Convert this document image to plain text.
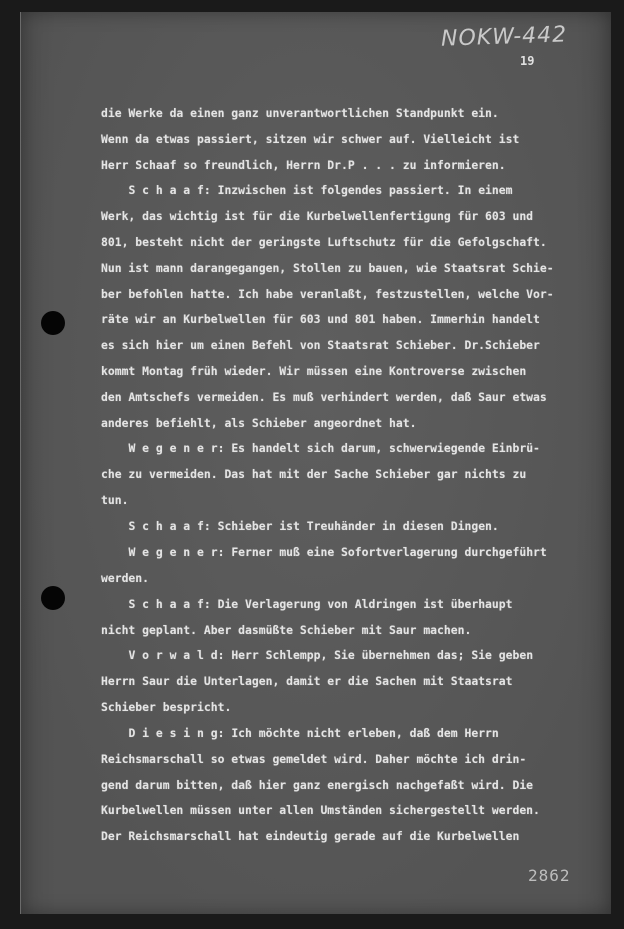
NOKW-442
19
die Werke da einen ganz unverantwortlichen Standpunkt ein.
Wenn da etwas passiert, sitzen wir schwer auf. Vielleicht ist
Herr Schaaf so freundlich, Herrn Dr.P . . . zu informieren.
S c h a a f: Inzwischen ist folgendes passiert. In einem
Werk, das wichtig ist für die Kurbelwellenfertigung für 603 und
801, besteht nicht der geringste Luftschutz für die Gefolgschaft.
Nun ist mann darangegangen, Stollen zu bauen, wie Staatsrat Schie-
ber befohlen hatte. Ich habe veranlaßt, festzustellen, welche Vor-
räte wir an Kurbelwellen für 603 und 801 haben. Immerhin handelt
es sich hier um einen Befehl von Staatsrat Schieber. Dr.Schieber
kommt Montag früh wieder. Wir müssen eine Kontroverse zwischen
den Amtschefs vermeiden. Es muß verhindert werden, daß Saur etwas
anderes befiehlt, als Schieber angeordnet hat.
W e g e n e r: Es handelt sich darum, schwerwiegende Einbrü-
che zu vermeiden. Das hat mit der Sache Schieber gar nichts zu
tun.
S c h a a f: Schieber ist Treuhänder in diesen Dingen.
W e g e n e r: Ferner muß eine Sofortverlagerung durchgeführt
werden.
S c h a a f: Die Verlagerung von Aldringen ist überhaupt
nicht geplant. Aber dasmüßte Schieber mit Saur machen.
V o r w a l d: Herr Schlempp, Sie übernehmen das; Sie geben
Herrn Saur die Unterlagen, damit er die Sachen mit Staatsrat
Schieber bespricht.
D i e s i n g: Ich möchte nicht erleben, daß dem Herrn
Reichsmarschall so etwas gemeldet wird. Daher möchte ich drin-
gend darum bitten, daß hier ganz energisch nachgefaßt wird. Die
Kurbelwellen müssen unter allen Umständen sichergestellt werden.
Der Reichsmarschall hat eindeutig gerade auf die Kurbelwellen
2862
